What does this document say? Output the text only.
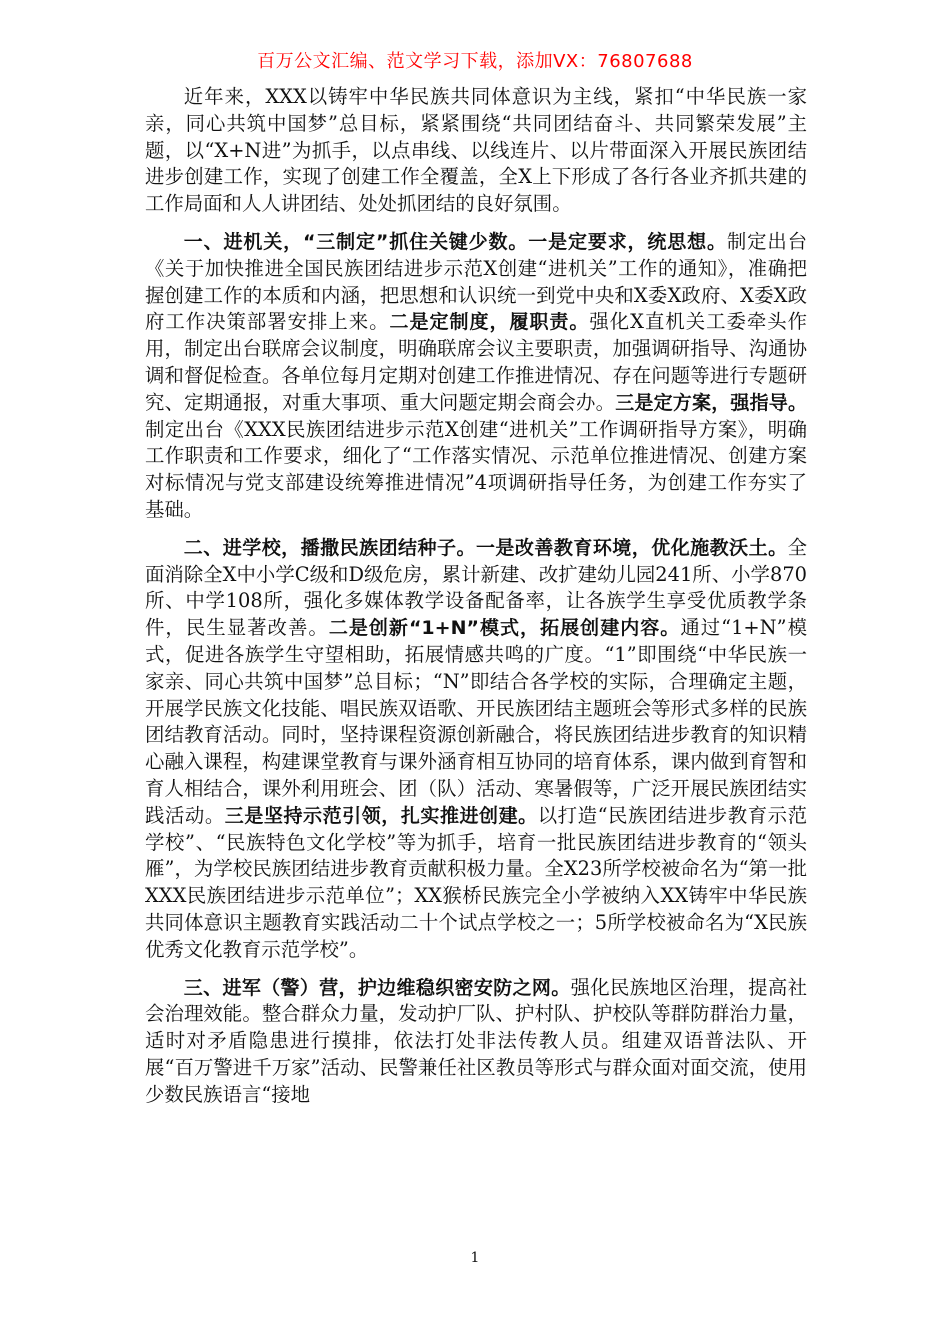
百万公文汇编、范文学习下载，添加VX：76807688

近年来，XXX以铸牢中华民族共同体意识为主线，紧扣“中华民族一家亲，同心共筑中国梦”总目标，紧紧围绕“共同团结奋斗、共同繁荣发展”主题，以“X+N进”为抓手，以点串线、以线连片、以片带面深入开展民族团结进步创建工作，实现了创建工作全覆盖，全X上下形成了各行各业齐抓共建的工作局面和人人讲团结、处处抓团结的良好氛围。

一、进机关，“三制定”抓住关键少数。一是定要求，统思想。制定出台《关于加快推进全国民族团结进步示范X创建“进机关”工作的通知》，准确把握创建工作的本质和内涵，把思想和认识统一到党中央和X委X政府、X委X政府工作决策部署安排上来。二是定制度，履职责。强化X直机关工委牵头作用，制定出台联席会议制度，明确联席会议主要职责，加强调研指导、沟通协调和督促检查。各单位每月定期对创建工作推进情况、存在问题等进行专题研究、定期通报，对重大事项、重大问题定期会商会办。三是定方案，强指导。制定出台《XXX民族团结进步示范X创建“进机关”工作调研指导方案》，明确工作职责和工作要求，细化了“工作落实情况、示范单位推进情况、创建方案对标情况与党支部建设统筹推进情况”4项调研指导任务，为创建工作夯实了基础。

二、进学校，播撒民族团结种子。一是改善教育环境，优化施教沃土。全面消除全X中小学C级和D级危房，累计新建、改扩建幼儿园241所、小学870所、中学108所，强化多媒体教学设备配备率，让各族学生享受优质教学条件，民生显著改善。二是创新“1+N”模式，拓展创建内容。通过“1+N”模式，促进各族学生守望相助，拓展情感共鸣的广度。“1”即围绕“中华民族一家亲、同心共筑中国梦”总目标；“N”即结合各学校的实际，合理确定主题，开展学民族文化技能、唱民族双语歌、开民族团结主题班会等形式多样的民族团结教育活动。同时，坚持课程资源创新融合，将民族团结进步教育的知识精心融入课程，构建课堂教育与课外涵育相互协同的培育体系，课内做到育智和育人相结合，课外利用班会、团（队）活动、寒暑假等，广泛开展民族团结实践活动。三是坚持示范引领，扎实推进创建。以打造“民族团结进步教育示范学校”、“民族特色文化学校”等为抓手，培育一批民族团结进步教育的“领头雁”，为学校民族团结进步教育贡献积极力量。全X23所学校被命名为“第一批XXX民族团结进步示范单位”；XX猴桥民族完全小学被纳入XX铸牢中华民族共同体意识主题教育实践活动二十个试点学校之一；5所学校被命名为“X民族优秀文化教育示范学校”。

三、进军（警）营，护边维稳织密安防之网。强化民族地区治理，提高社会治理效能。整合群众力量，发动护厂队、护村队、护校队等群防群治力量，适时对矛盾隐患进行摸排，依法打处非法传教人员。组建双语普法队、开展“百万警进千万家”活动、民警兼任社区教员等形式与群众面对面交流，使用少数民族语言“接地

1
